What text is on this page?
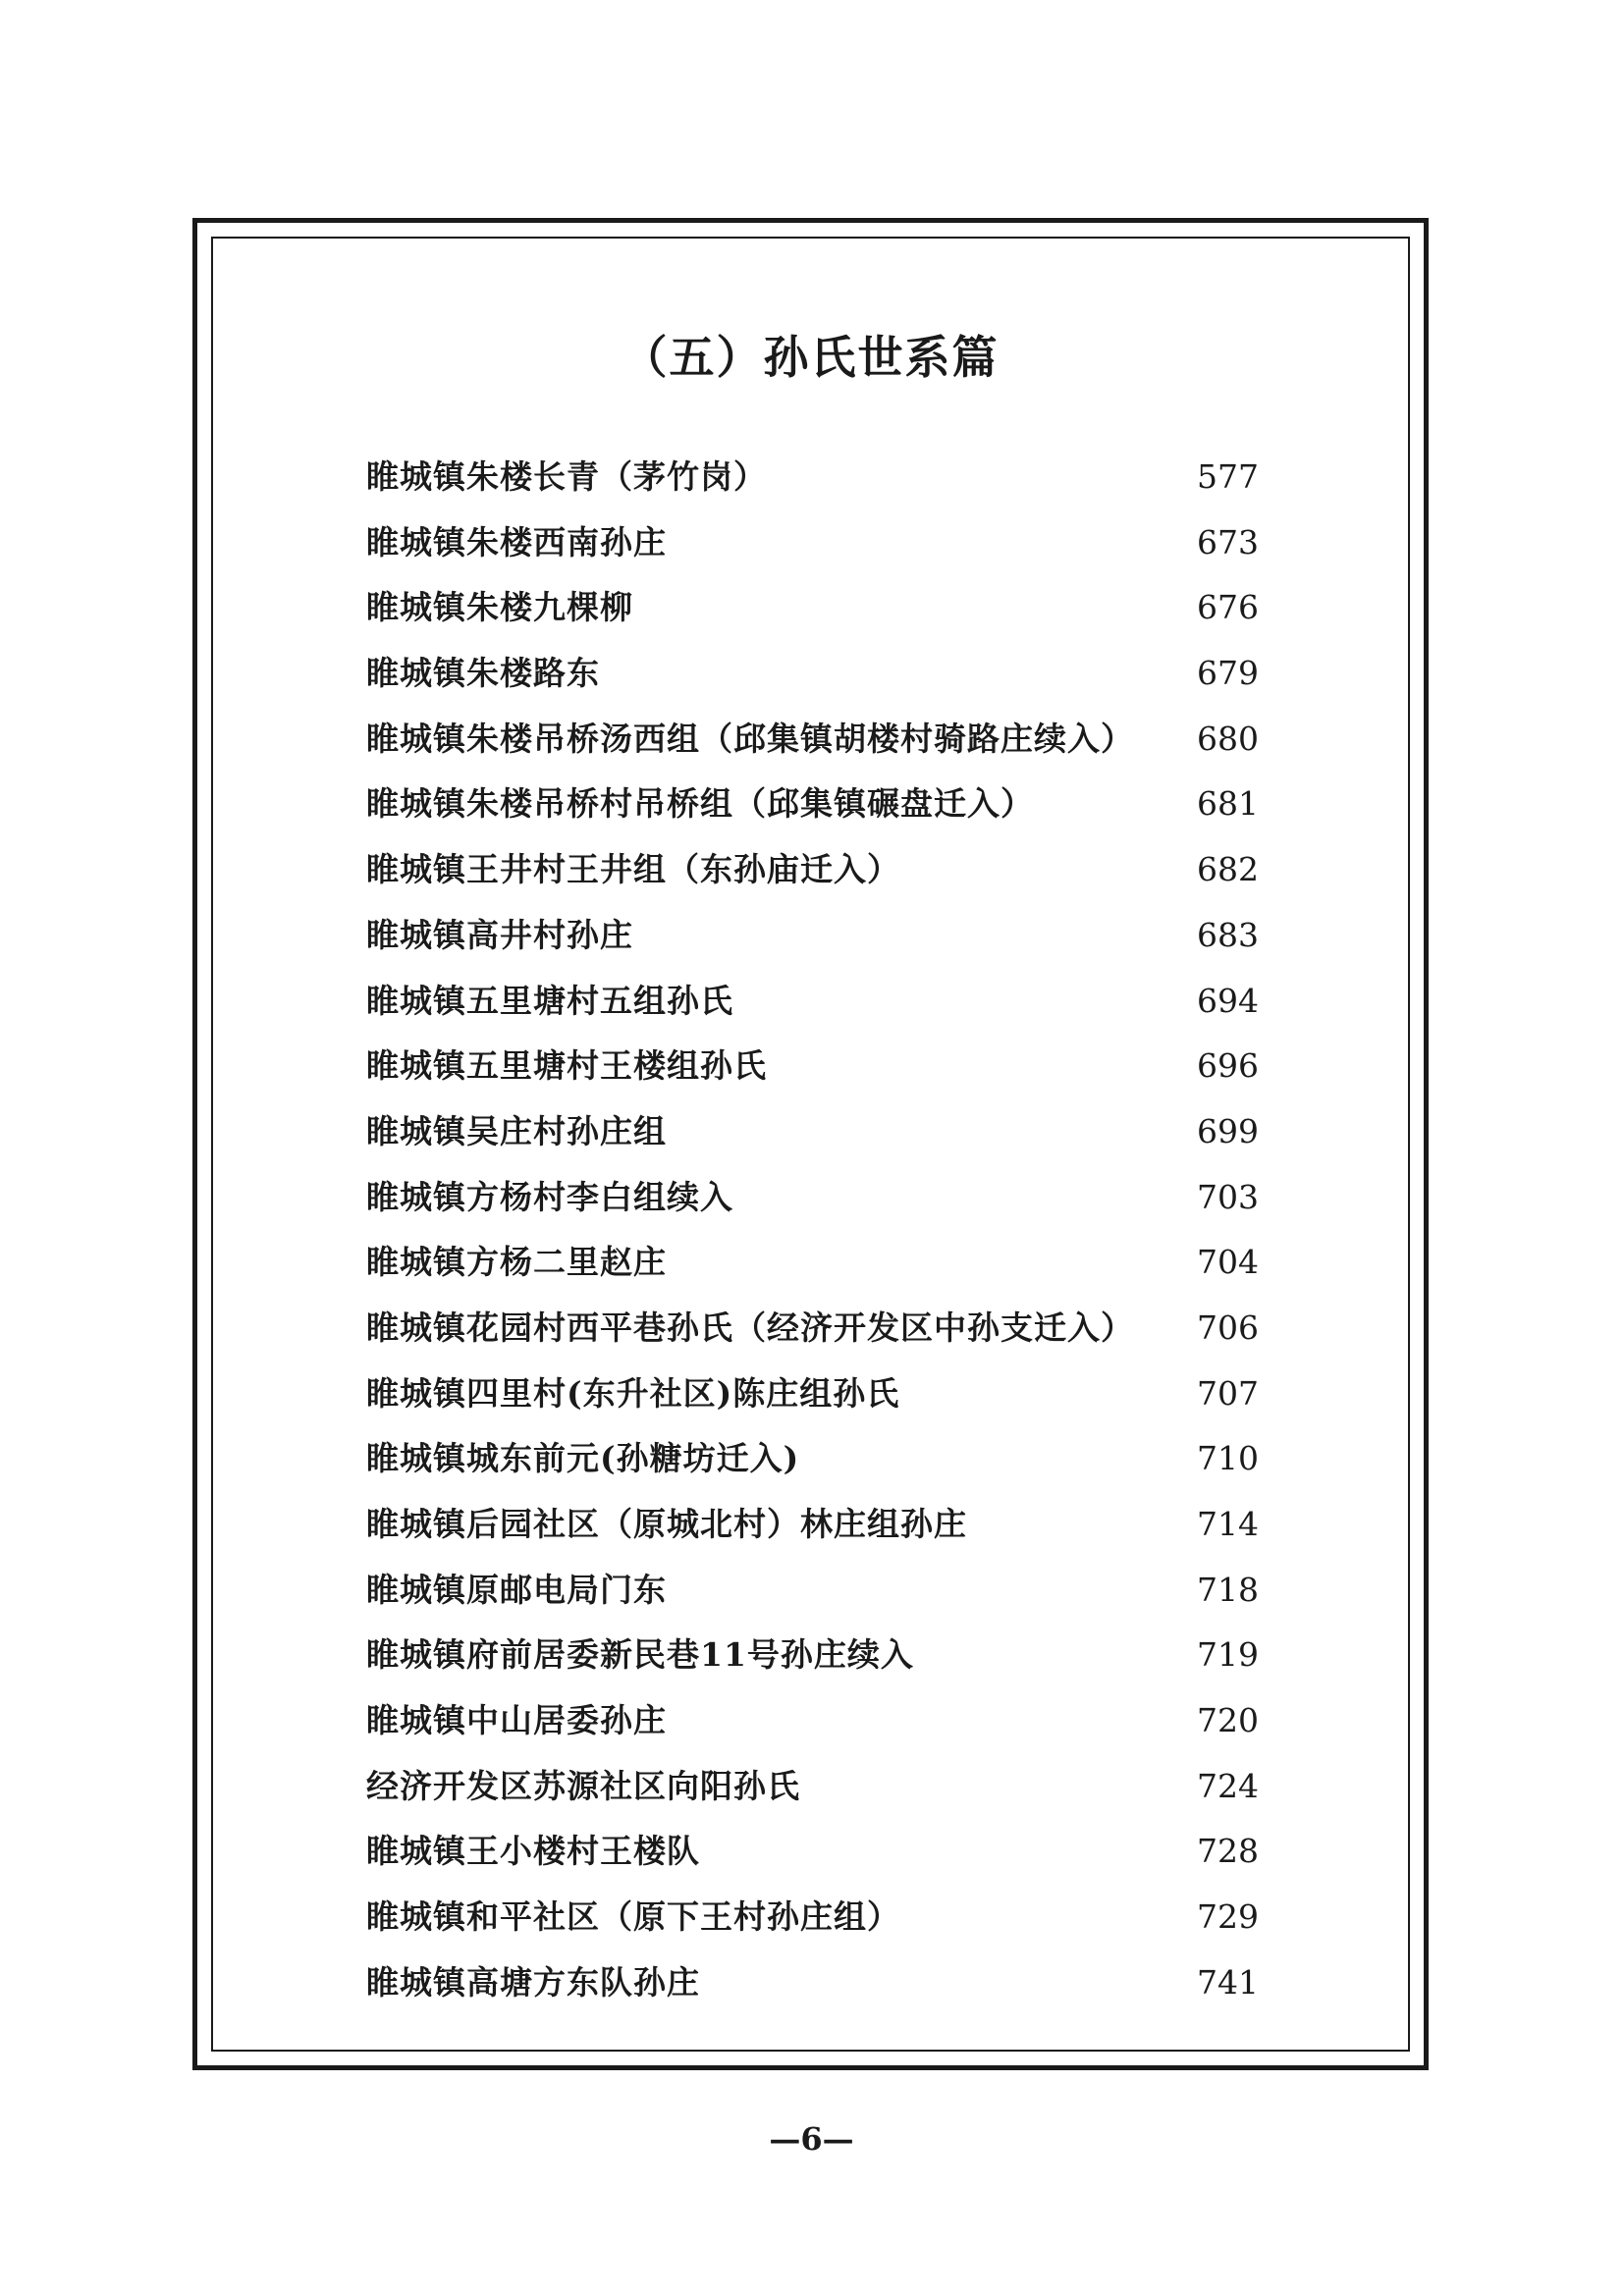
（五）孙氏世系篇
睢城镇朱楼长青（茅竹岗）	577
睢城镇朱楼西南孙庄	673
睢城镇朱楼九棵柳	676
睢城镇朱楼路东	679
睢城镇朱楼吊桥汤西组（邱集镇胡楼村骑路庄续入） 680
睢城镇朱楼吊桥村吊桥组（邱集镇碾盘迁入）	681
睢城镇王井村王井组（东孙庙迁入）	682
睢城镇高井村孙庄	683
睢城镇五里塘村五组孙氏	694
睢城镇五里塘村王楼组孙氏	696
睢城镇吴庄村孙庄组	699
睢城镇方杨村李白组续入	703
睢城镇方杨二里赵庄	704
睢城镇花园村西平巷孙氏（经济开发区中孙支迁入） 706
睢城镇四里村(东升社区)陈庄组孙氏	707
睢城镇城东前元(孙糖坊迁入)	710
睢城镇后园社区（原城北村）林庄组孙庄	714
睢城镇原邮电局门东	718
睢城镇府前居委新民巷11号孙庄续入	719
睢城镇中山居委孙庄	720
经济开发区苏源社区向阳孙氏	724
睢城镇王小楼村王楼队	728
睢城镇和平社区（原下王村孙庄组）	729
睢城镇高塘方东队孙庄	741
—6—
